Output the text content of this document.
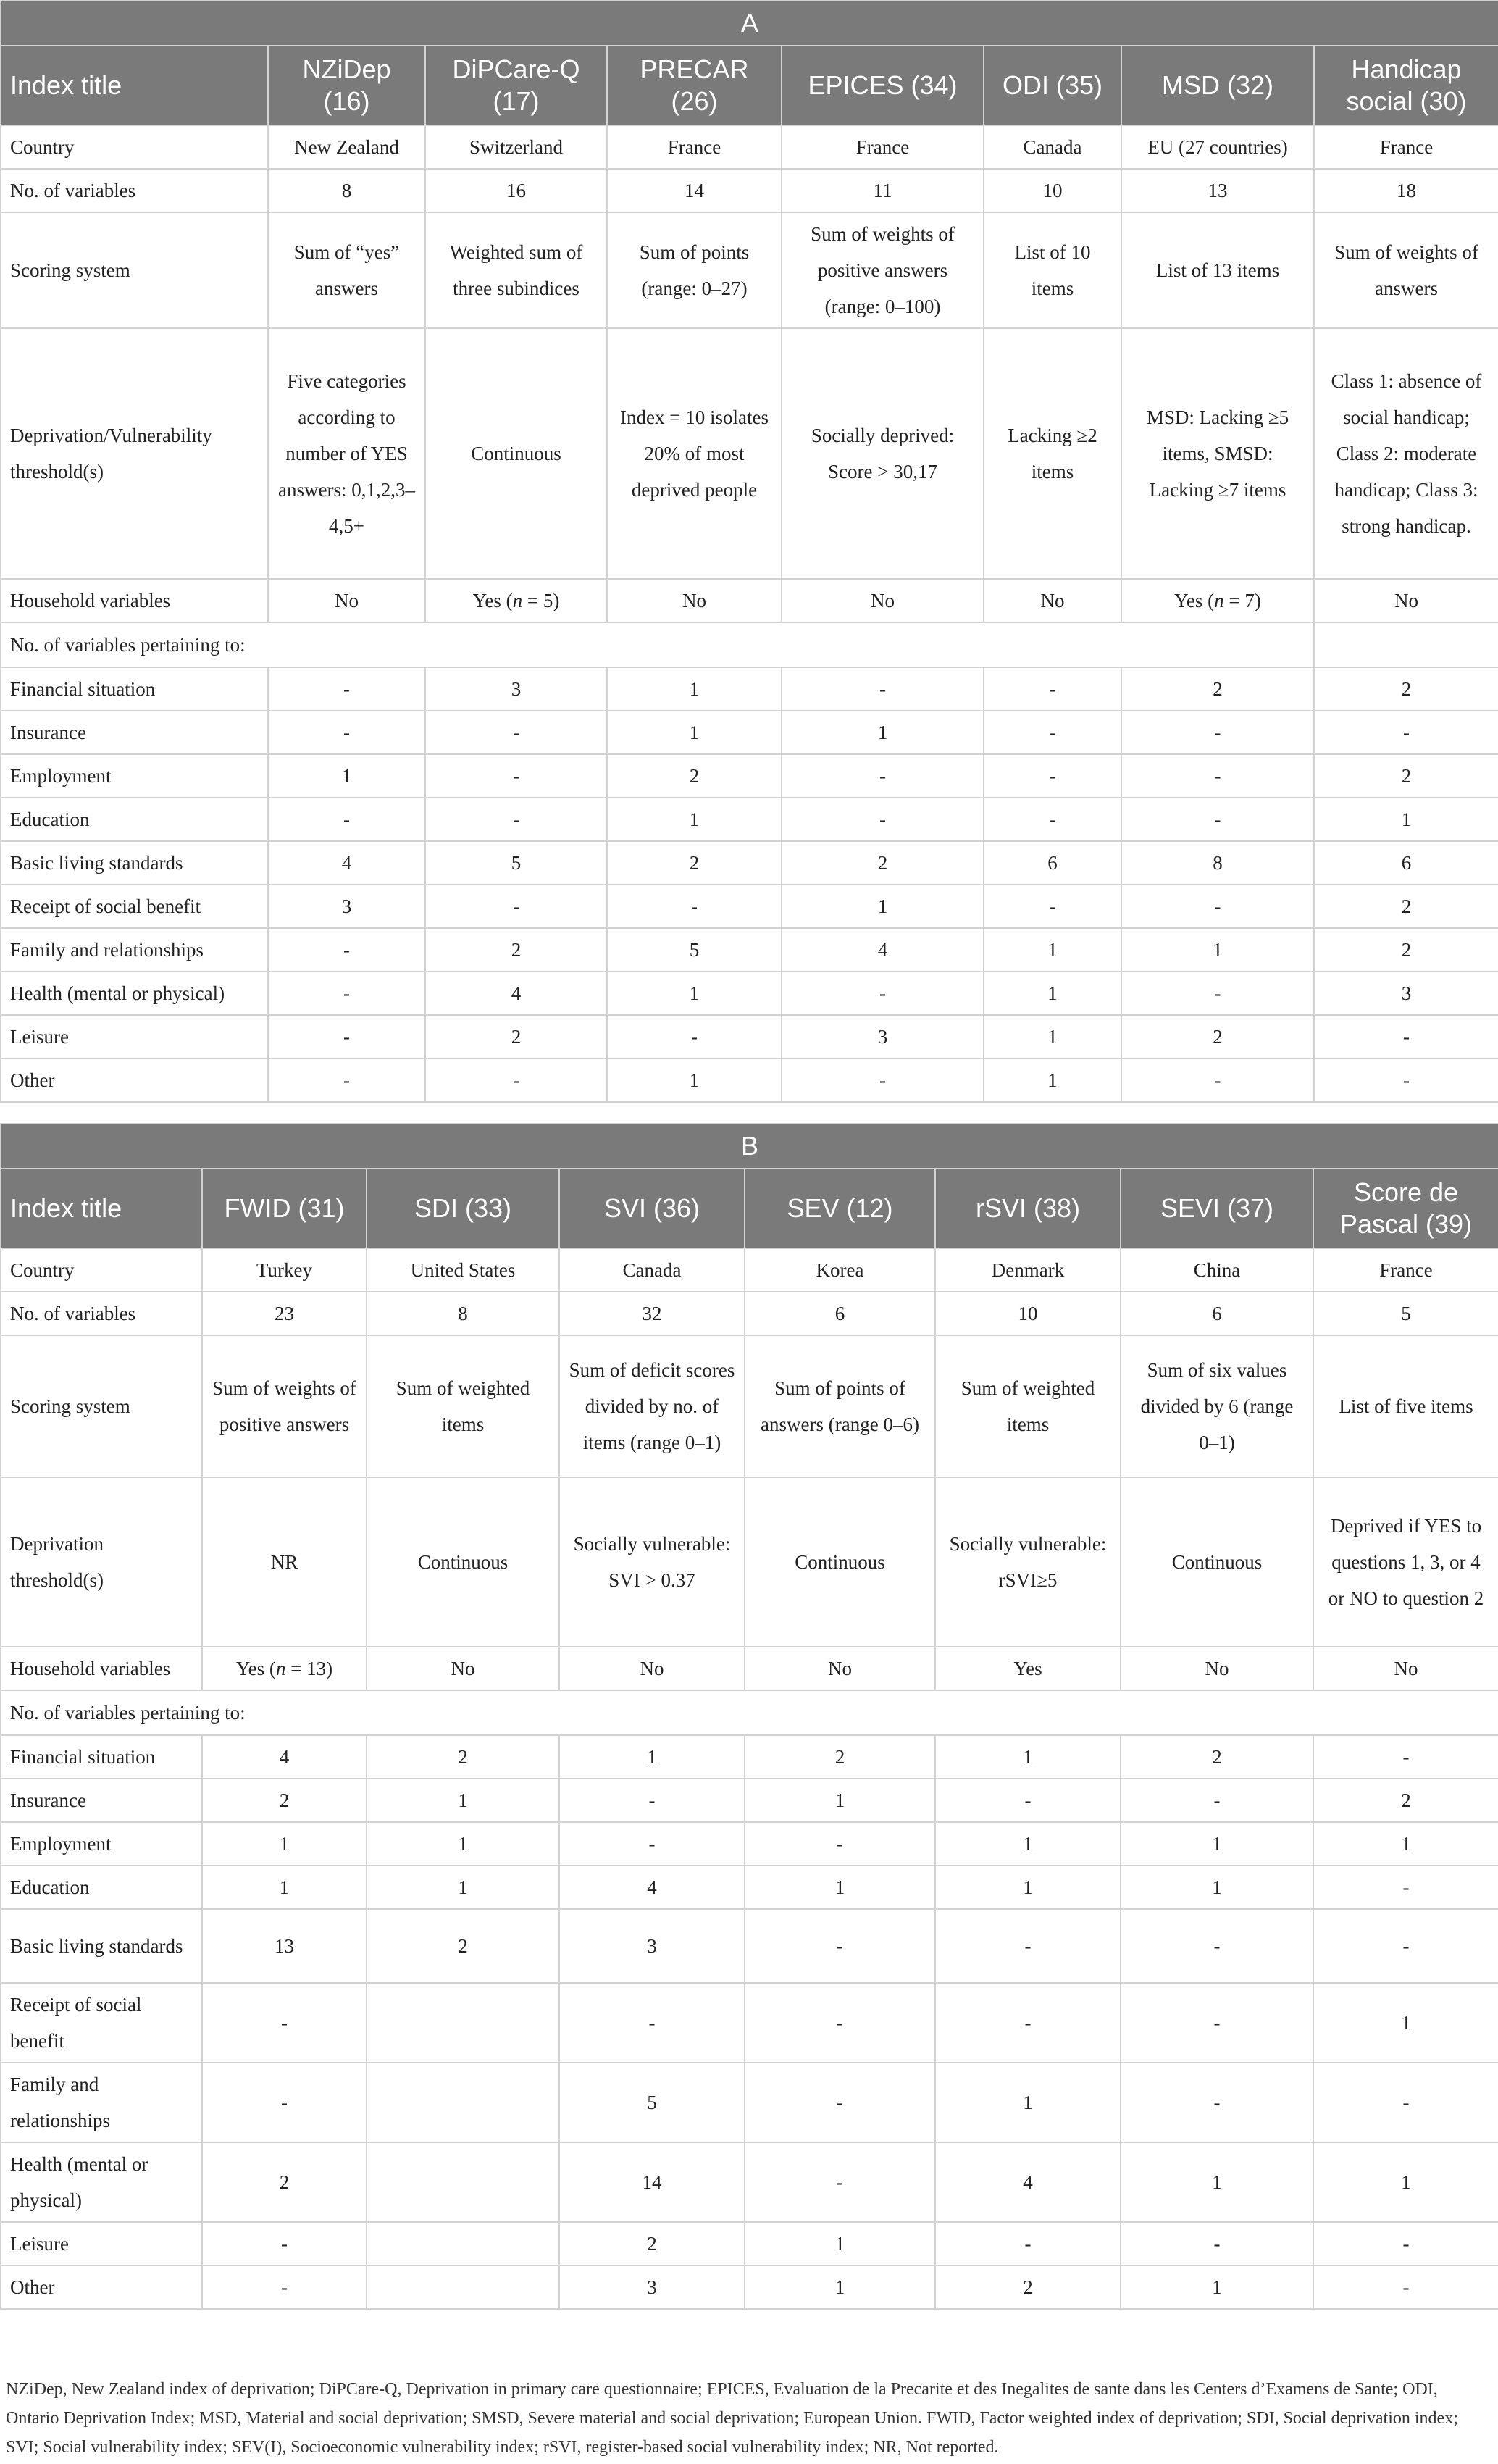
A							
Index title	NZiDep (16)	DiPCare-Q (17)	PRECAR (26)	EPICES (34)	ODI (35)	MSD (32)	Handicap social (30)
Country	New Zealand	Switzerland	France	France	Canada	EU (27 countries)	France
No. of variables	8	16	14	11	10	13	18
Scoring system	Sum of “yes” answers	Weighted sum of three subindices	Sum of points (range: 0–27)	Sum of weights of positive answers (range: 0–100)	List of 10 items	List of 13 items	Sum of weights of answers
Deprivation/Vulnerability threshold(s)	Five categories according to number of YES answers: 0,1,2,3–4,5+	Continuous	Index = 10 isolates 20% of most deprived people	Socially deprived: Score > 30,17	Lacking ≥2 items	MSD: Lacking ≥5 items, SMSD: Lacking ≥7 items	Class 1: absence of social handicap; Class 2: moderate handicap; Class 3: strong handicap.
Household variables	No	Yes (n = 5)	No	No	No	Yes (n = 7)	No
No. of variables pertaining to:							
Financial situation	-	3	1	-	-	2	2
Insurance	-	-	1	1	-	-	-
Employment	1	-	2	-	-	-	2
Education	-	-	1	-	-	-	1
Basic living standards	4	5	2	2	6	8	6
Receipt of social benefit	3	-	-	1	-	-	2
Family and relationships	-	2	5	4	1	1	2
Health (mental or physical)	-	4	1	-	1	-	3
Leisure	-	2	-	3	1	2	-
Other	-	-	1	-	1	-	-
B							
Index title	FWID (31)	SDI (33)	SVI (36)	SEV (12)	rSVI (38)	SEVI (37)	Score de Pascal (39)
Country	Turkey	United States	Canada	Korea	Denmark	China	France
No. of variables	23	8	32	6	10	6	5
Scoring system	Sum of weights of positive answers	Sum of weighted items	Sum of deficit scores divided by no. of items (range 0–1)	Sum of points of answers (range 0–6)	Sum of weighted items	Sum of six values divided by 6 (range 0–1)	List of five items
Deprivation threshold(s)	NR	Continuous	Socially vulnerable: SVI > 0.37	Continuous	Socially vulnerable: rSVI≥5	Continuous	Deprived if YES to questions 1, 3, or 4 or NO to question 2
Household variables	Yes (n = 13)	No	No	No	Yes	No	No
No. of variables pertaining to:							
Financial situation	4	2	1	2	1	2	-
Insurance	2	1	-	1	-	-	2
Employment	1	1	-	-	1	1	1
Education	1	1	4	1	1	1	-
Basic living standards	13	2	3	-	-	-	-
Receipt of social benefit	-		-	-	-	-	1
Family and relationships	-		5	-	1	-	-
Health (mental or physical)	2		14	-	4	1	1
Leisure	-		2	1	-	-	-
Other	-		3	1	2	1	-
NZiDep, New Zealand index of deprivation; DiPCare-Q, Deprivation in primary care questionnaire; EPICES, Evaluation de la Precarite et des Inegalites de sante dans les Centers d’Examens de Sante; ODI, Ontario Deprivation Index; MSD, Material and social deprivation; SMSD, Severe material and social deprivation; European Union. FWID, Factor weighted index of deprivation; SDI, Social deprivation index; SVI; Social vulnerability index; SEV(I), Socioeconomic vulnerability index; rSVI, register-based social vulnerability index; NR, Not reported.
